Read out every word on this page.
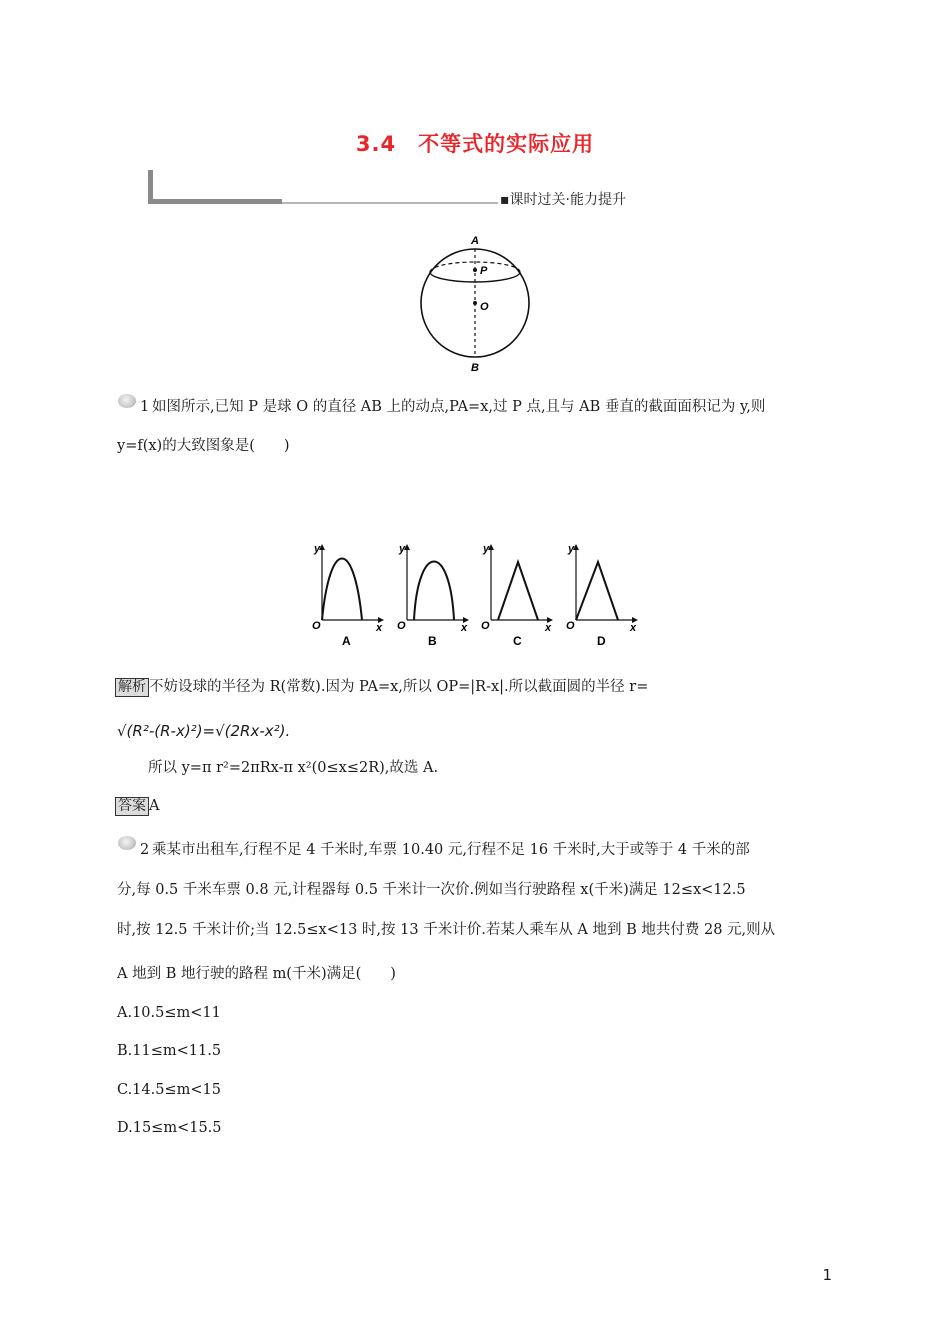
3.4　不等式的实际应用
▪课时过关·能力提升
A
P
O
B
1 如图所示,已知 P 是球 O 的直径 AB 上的动点,PA=x,过 P 点,且与 AB 垂直的截面面积记为 y,则
y=f(x)的大致图象是(　　)
y
O	x
A
y
O	x
B
y
O	x
C
y
O	x
D
解析 不妨设球的半径为 R(常数).因为 PA=x,所以 OP=|R-x|.所以截面圆的半径 r=
√(R²-(R-x)²)=√(2Rx-x²).
所以 y=π r²=2πRx-π x²(0≤x≤2R),故选 A.
答案 A
2 乘某市出租车,行程不足 4 千米时,车票 10.40 元,行程不足 16 千米时,大于或等于 4 千米的部
分,每 0.5 千米车票 0.8 元,计程器每 0.5 千米计一次价.例如当行驶路程 x(千米)满足 12≤x<12.5
时,按 12.5 千米计价;当 12.5≤x<13 时,按 13 千米计价.若某人乘车从 A 地到 B 地共付费 28 元,则从
A 地到 B 地行驶的路程 m(千米)满足(　　)
A.10.5≤m<11
B.11≤m<11.5
C.14.5≤m<15
D.15≤m<15.5
1
